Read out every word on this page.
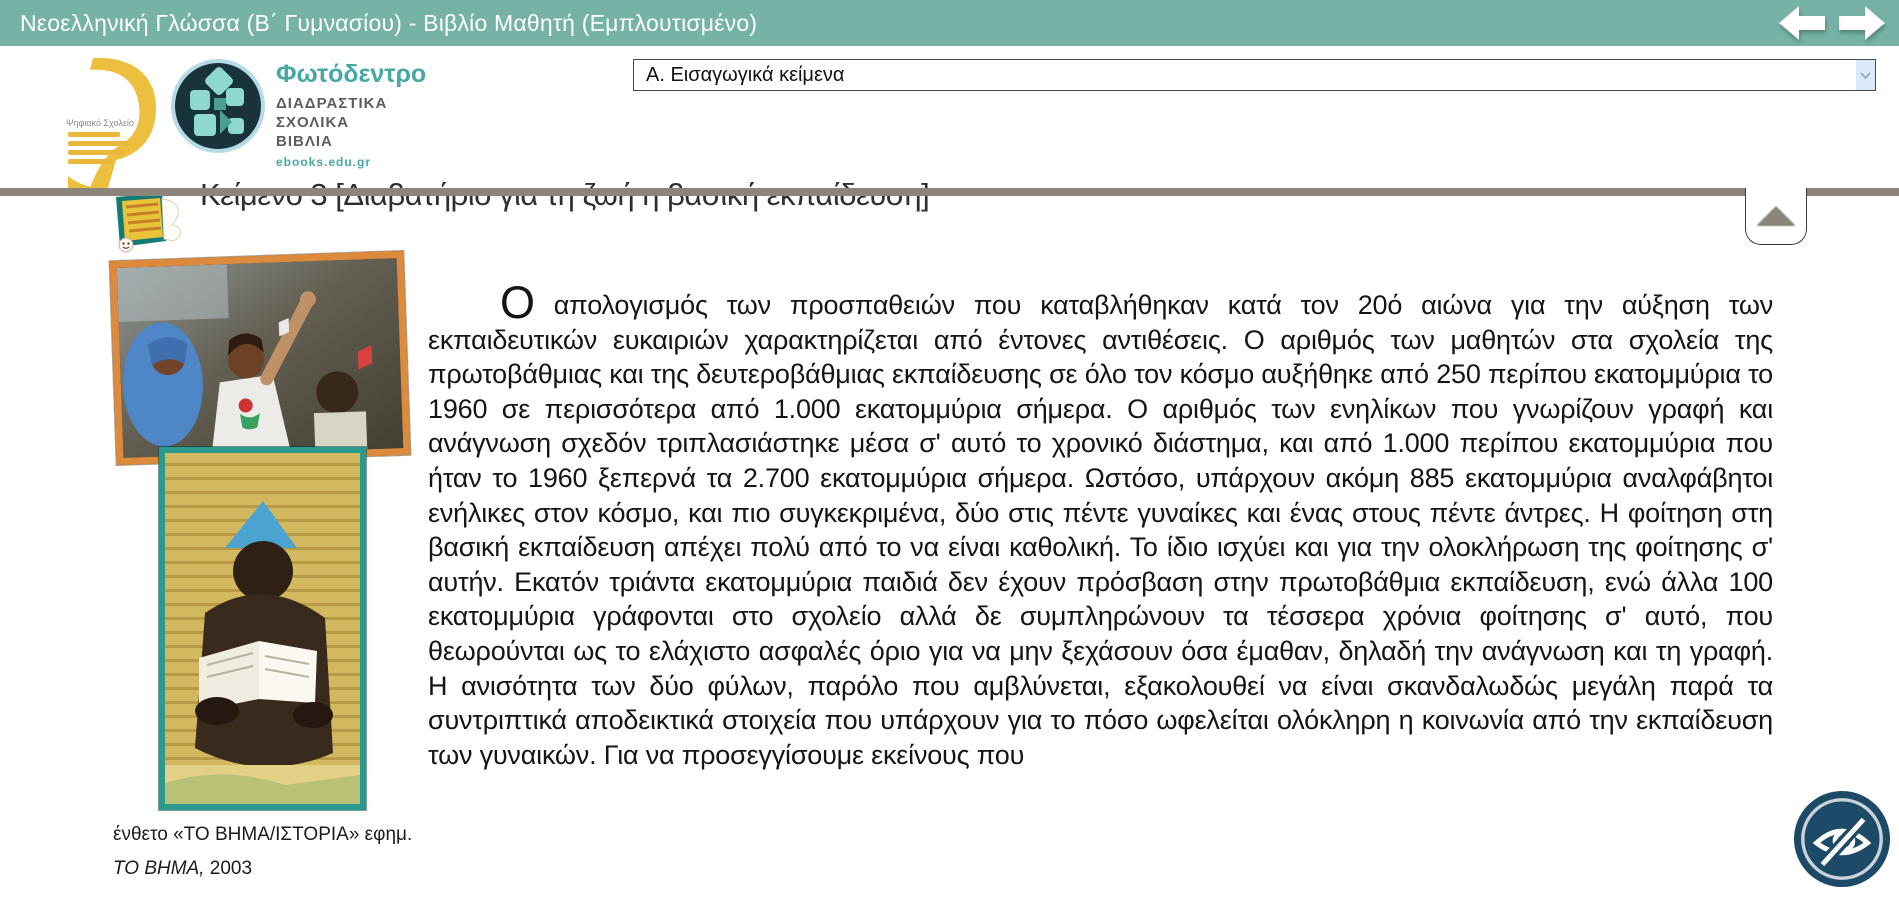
Νεοελληνική Γλώσσα (Β΄ Γυμνασίου) - Βιβλίο Μαθητή (Εμπλουτισμένο)
Ψηφιακό Σχολείο
Φωτόδεντρο
ΔΙΑΔΡΑΣΤΙΚΑ
ΣΧΟΛΙΚΑ
ΒΙΒΛΙΑ
ebooks.edu.gr
Α. Εισαγωγικά κείμενα
ένθετο «ΤΟ ΒΗΜΑ/ΙΣΤΟΡΙΑ» εφημ.
ΤΟ ΒΗΜΑ, 2003
Ο απολογισμός των προσπαθειών που καταβλήθηκαν κατά τον 20ό αιώνα για την αύξηση των εκπαιδευτικών ευκαιριών χαρακτηρίζεται από έντονες αντιθέσεις. Ο αριθμός των μαθητών στα σχολεία της πρωτοβάθμιας και της δευτεροβάθμιας εκπαίδευσης σε όλο τον κόσμο αυξήθηκε από 250 περίπου εκατομμύρια το 1960 σε περισσότερα από 1.000 εκατομμύρια σήμερα. Ο αριθμός των ενηλίκων που γνωρίζουν γραφή και ανάγνωση σχεδόν τριπλασιάστηκε μέσα σ' αυτό το χρονικό διάστημα, και από 1.000 περίπου εκατομμύρια που ήταν το 1960 ξεπερνά τα 2.700 εκατομμύρια σήμερα. Ωστόσο, υπάρχουν ακόμη 885 εκατομμύρια αναλφάβητοι ενήλικες στον κόσμο, και πιο συγκεκριμένα, δύο στις πέντε γυναίκες και ένας στους πέντε άντρες. Η φοίτηση στη βασική εκπαίδευση απέχει πολύ από το να είναι καθολική. Το ίδιο ισχύει και για την ολοκλήρωση της φοίτησης σ' αυτήν. Εκατόν τριάντα εκατομμύρια παιδιά δεν έχουν πρόσβαση στην πρωτοβάθμια εκπαίδευση, ενώ άλλα 100 εκατομμύρια γράφονται στο σχολείο αλλά δε συμπληρώνουν τα τέσσερα χρόνια φοίτησης σ' αυτό, που θεωρούνται ως το ελάχιστο ασφαλές όριο για να μην ξεχάσουν όσα έμαθαν, δηλαδή την ανάγνωση και τη γραφή. Η ανισότητα των δύο φύλων, παρόλο που αμβλύνεται, εξακολουθεί να είναι σκανδαλωδώς μεγάλη παρά τα συντριπτικά αποδεικτικά στοιχεία που υπάρχουν για το πόσο ωφελείται ολόκληρη η κοινωνία από την εκπαίδευση των γυναικών. Για να προσεγγίσουμε εκείνους που
